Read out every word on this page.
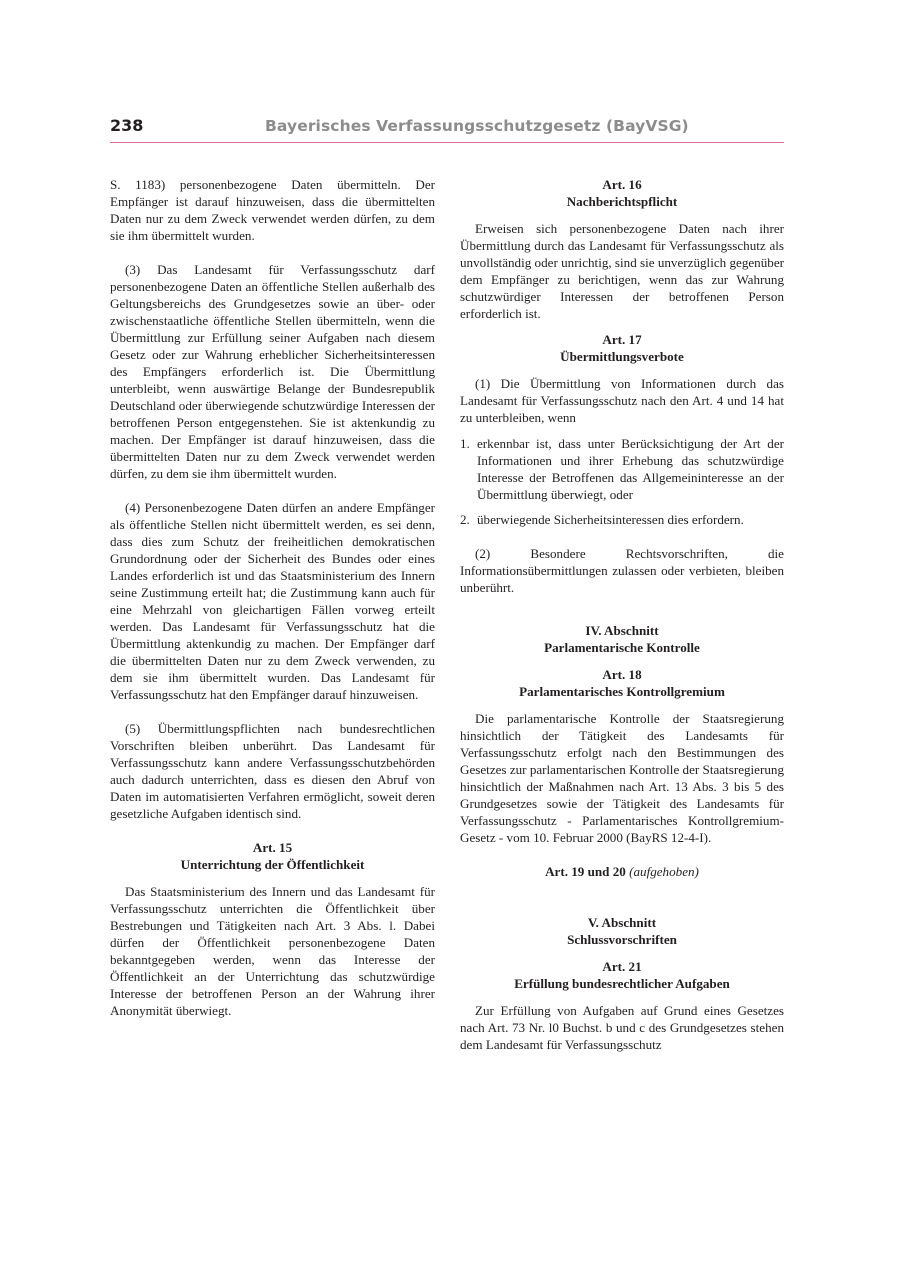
238	Bayerisches Verfassungsschutzgesetz (BayVSG)

S. 1183) personenbezogene Daten übermitteln. Der Empfänger ist darauf hinzuweisen, dass die übermittelten Daten nur zu dem Zweck verwendet werden dürfen, zu dem sie ihm übermittelt wurden.

(3) Das Landesamt für Verfassungsschutz darf personenbezogene Daten an öffentliche Stellen außerhalb des Geltungsbereichs des Grundgesetzes sowie an über- oder zwischenstaatliche öffentliche Stellen übermitteln, wenn die Übermittlung zur Erfüllung seiner Aufgaben nach diesem Gesetz oder zur Wahrung erheblicher Sicherheitsinteressen des Empfängers erforderlich ist. Die Übermittlung unterbleibt, wenn auswärtige Belange der Bundesrepublik Deutschland oder überwiegende schutzwürdige Interessen der betroffenen Person entgegenstehen. Sie ist aktenkundig zu machen. Der Empfänger ist darauf hinzuweisen, dass die übermittelten Daten nur zu dem Zweck verwendet werden dürfen, zu dem sie ihm übermittelt wurden.

(4) Personenbezogene Daten dürfen an andere Empfänger als öffentliche Stellen nicht übermittelt werden, es sei denn, dass dies zum Schutz der freiheitlichen demokratischen Grundordnung oder der Sicherheit des Bundes oder eines Landes erforderlich ist und das Staatsministerium des Innern seine Zustimmung erteilt hat; die Zustimmung kann auch für eine Mehrzahl von gleichartigen Fällen vorweg erteilt werden. Das Landesamt für Verfassungsschutz hat die Übermittlung aktenkundig zu machen. Der Empfänger darf die übermittelten Daten nur zu dem Zweck verwenden, zu dem sie ihm übermittelt wurden. Das Landesamt für Verfassungsschutz hat den Empfänger darauf hinzuweisen.

(5) Übermittlungspflichten nach bundesrechtlichen Vorschriften bleiben unberührt. Das Landesamt für Verfassungsschutz kann andere Verfassungsschutzbehörden auch dadurch unterrichten, dass es diesen den Abruf von Daten im automatisierten Verfahren ermöglicht, soweit deren gesetzliche Aufgaben identisch sind.

Art. 15
Unterrichtung der Öffentlichkeit

Das Staatsministerium des Innern und das Landesamt für Verfassungsschutz unterrichten die Öffentlichkeit über Bestrebungen und Tätigkeiten nach Art. 3 Abs. l. Dabei dürfen der Öffentlichkeit personenbezogene Daten bekanntgegeben werden, wenn das Interesse der Öffentlichkeit an der Unterrichtung das schutzwürdige Interesse der betroffenen Person an der Wahrung ihrer Anonymität überwiegt.

Art. 16
Nachberichtspflicht

Erweisen sich personenbezogene Daten nach ihrer Übermittlung durch das Landesamt für Verfassungsschutz als unvollständig oder unrichtig, sind sie unverzüglich gegenüber dem Empfänger zu berichtigen, wenn das zur Wahrung schutzwürdiger Interessen der betroffenen Person erforderlich ist.

Art. 17
Übermittlungsverbote

(1) Die Übermittlung von Informationen durch das Landesamt für Verfassungsschutz nach den Art. 4 und 14 hat zu unterbleiben, wenn

1. erkennbar ist, dass unter Berücksichtigung der Art der Informationen und ihrer Erhebung das schutzwürdige Interesse der Betroffenen das Allgemeininteresse an der Übermittlung überwiegt, oder
2. überwiegende Sicherheitsinteressen dies erfordern.

(2) Besondere Rechtsvorschriften, die Informationsübermittlungen zulassen oder verbieten, bleiben unberührt.

IV. Abschnitt
Parlamentarische Kontrolle
Art. 18
Parlamentarisches Kontrollgremium

Die parlamentarische Kontrolle der Staatsregierung hinsichtlich der Tätigkeit des Landesamts für Verfassungsschutz erfolgt nach den Bestimmungen des Gesetzes zur parlamentarischen Kontrolle der Staatsregierung hinsichtlich der Maßnahmen nach Art. 13 Abs. 3 bis 5 des Grundgesetzes sowie der Tätigkeit des Landesamts für Verfassungsschutz - Parlamentarisches Kontrollgremium-Gesetz - vom 10. Februar 2000 (BayRS 12-4-I).

Art. 19 und 20 (aufgehoben)
V. Abschnitt
Schlussvorschriften
Art. 21
Erfüllung bundesrechtlicher Aufgaben

Zur Erfüllung von Aufgaben auf Grund eines Gesetzes nach Art. 73 Nr. l0 Buchst. b und c des Grundgesetzes stehen dem Landesamt für Verfassungsschutz
